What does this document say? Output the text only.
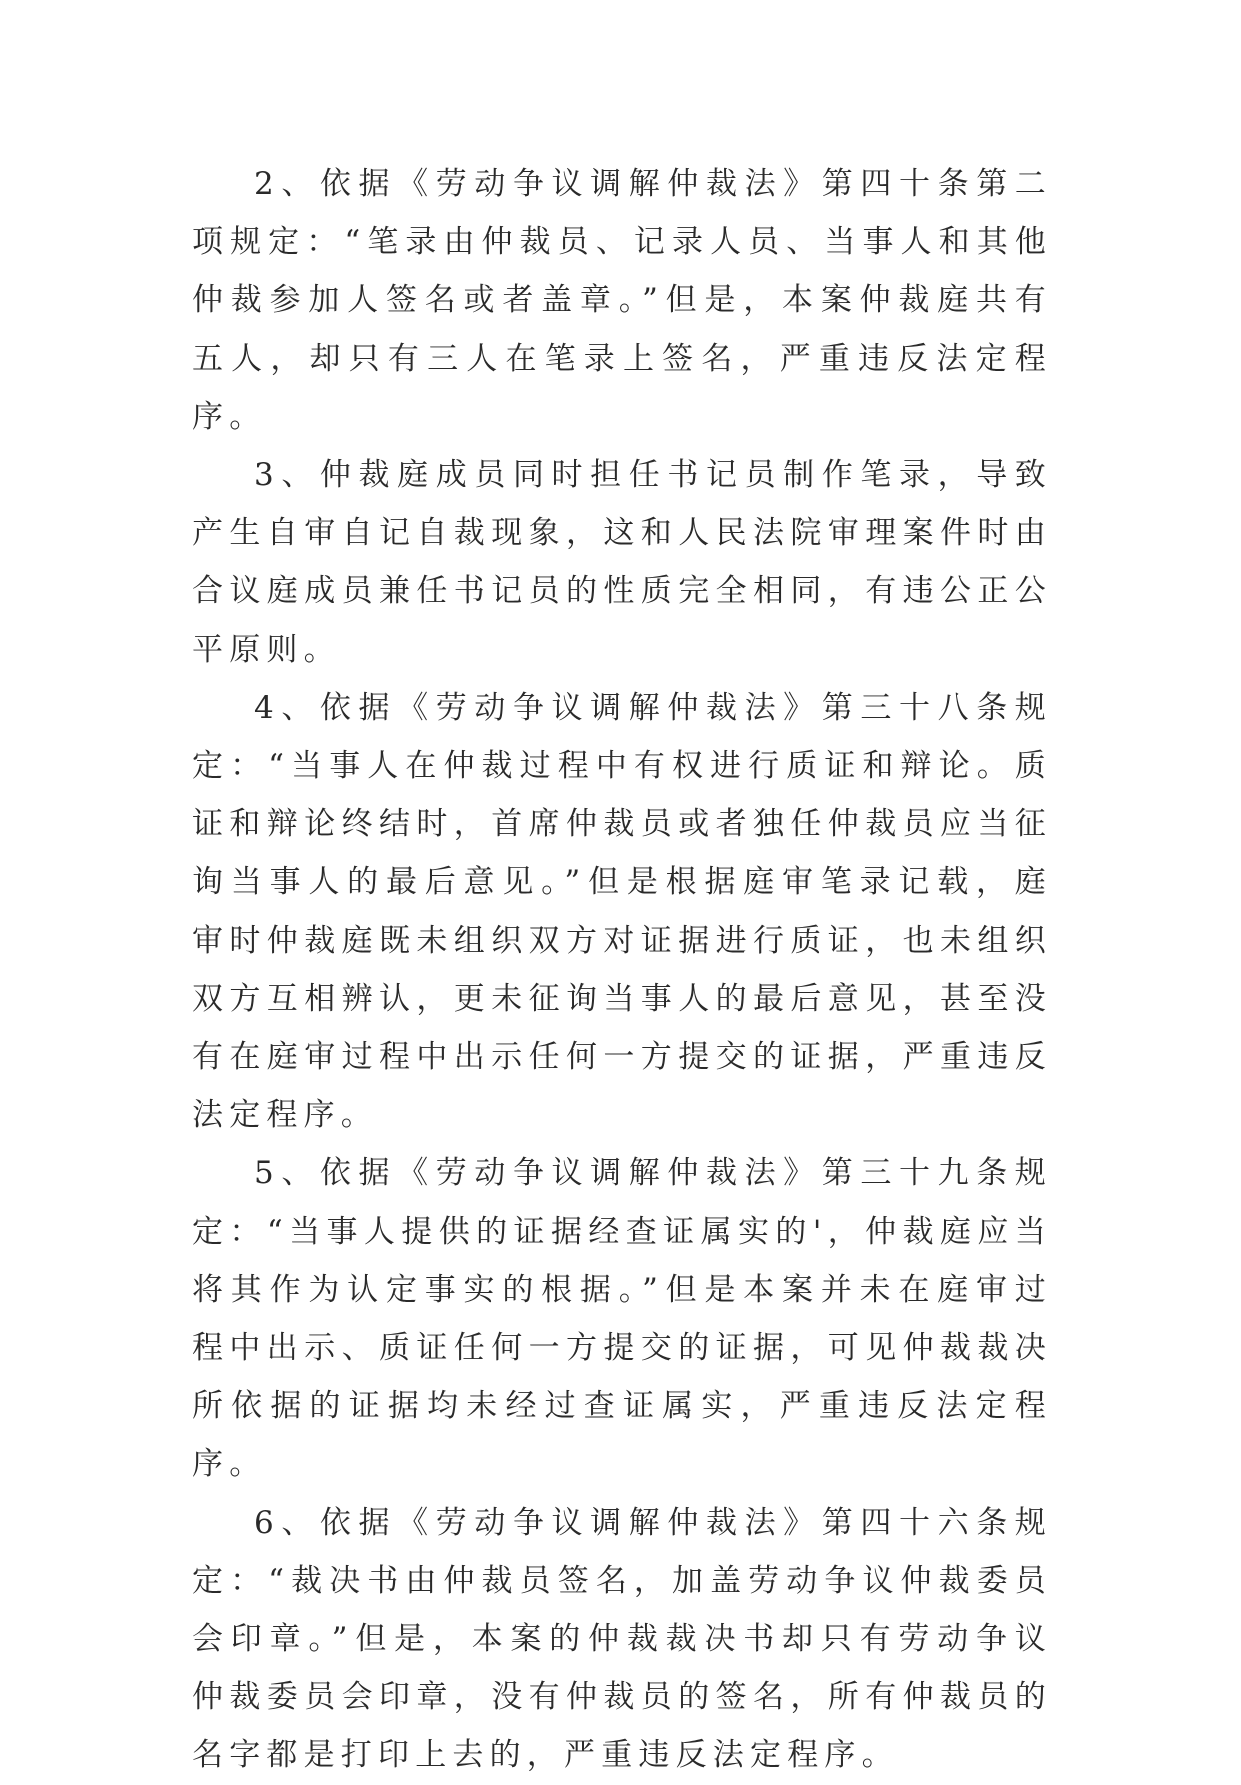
2、依据《劳动争议调解仲裁法》第四十条第二项规定：“笔录由仲裁员、记录人员、当事人和其他仲裁参加人签名或者盖章。”但是，本案仲裁庭共有五人，却只有三人在笔录上签名，严重违反法定程序。

3、仲裁庭成员同时担任书记员制作笔录，导致产生自审自记自裁现象，这和人民法院审理案件时由合议庭成员兼任书记员的性质完全相同，有违公正公平原则。

4、依据《劳动争议调解仲裁法》第三十八条规定：“当事人在仲裁过程中有权进行质证和辩论。质证和辩论终结时，首席仲裁员或者独任仲裁员应当征询当事人的最后意见。”但是根据庭审笔录记载，庭审时仲裁庭既未组织双方对证据进行质证，也未组织双方互相辨认，更未征询当事人的最后意见，甚至没有在庭审过程中出示任何一方提交的证据，严重违反法定程序。

5、依据《劳动争议调解仲裁法》第三十九条规定：“当事人提供的证据经查证属实的'，仲裁庭应当将其作为认定事实的根据。”但是本案并未在庭审过程中出示、质证任何一方提交的证据，可见仲裁裁决所依据的证据均未经过查证属实，严重违反法定程序。

6、依据《劳动争议调解仲裁法》第四十六条规定：“裁决书由仲裁员签名，加盖劳动争议仲裁委员会印章。”但是，本案的仲裁裁决书却只有劳动争议仲裁委员会印章，没有仲裁员的签名，所有仲裁员的名字都是打印上去的，严重违反法定程序。
